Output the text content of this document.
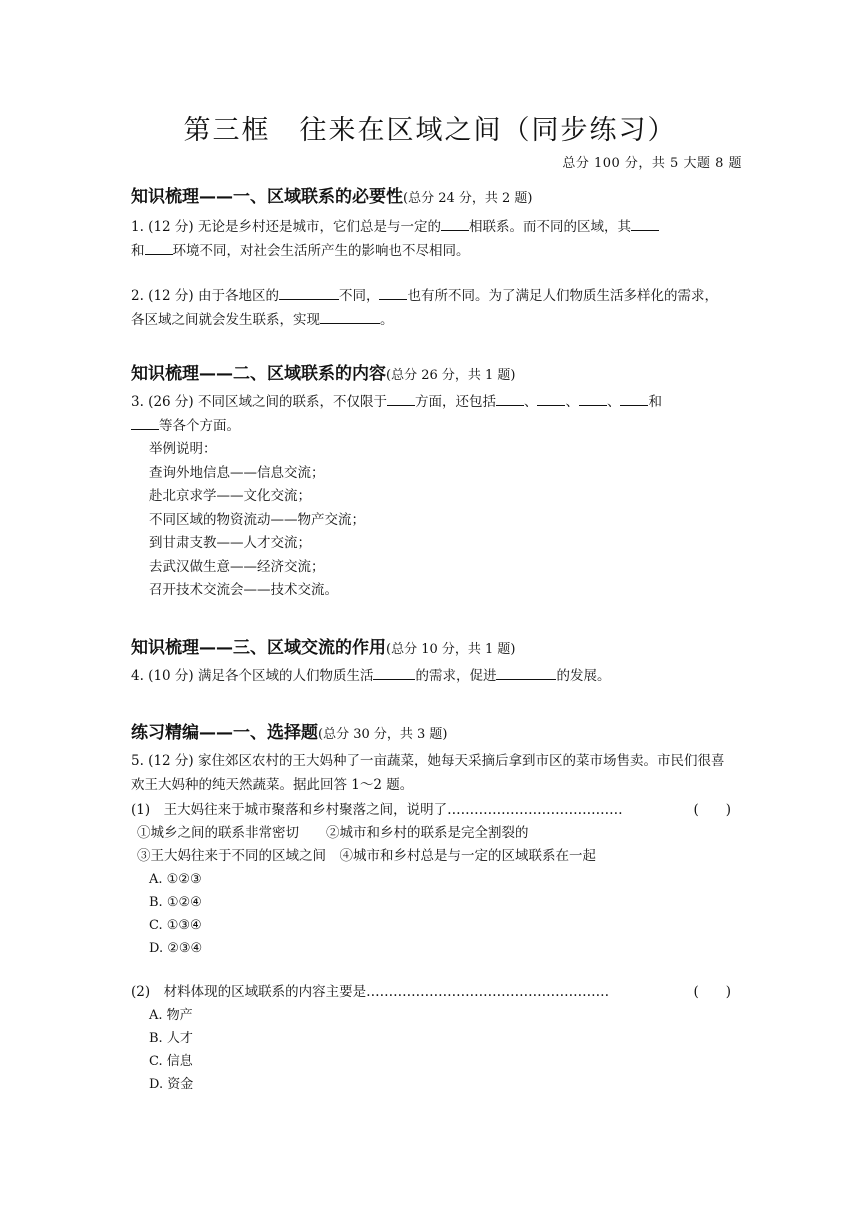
第三框　往来在区域之间（同步练习）
总分 100 分，共 5 大题 8 题

知识梳理——一、区域联系的必要性(总分 24 分，共 2 题)

1. (12 分) 无论是乡村还是城市，它们总是与一定的 相联系。而不同的区域，其
和 环境不同，对社会生活所产生的影响也不尽相同。

2. (12 分) 由于各地区的	不同， 也有所不同。为了满足人们物质生活多样化的需求，各区域之间就会发生联系，实现	。

知识梳理——二、区域联系的内容(总分 26 分，共 1 题)

3. (26 分) 不同区域之间的联系，不仅限于 方面，还包括 、 、 、 和
等各个方面。

举例说明：

查询外地信息——信息交流；

赴北京求学——文化交流；

不同区域的物资流动——物产交流；

到甘肃支教——人才交流；

去武汉做生意——经济交流；

召开技术交流会——技术交流。

知识梳理——三、区域交流的作用(总分 10 分，共 1 题)

4. (10 分) 满足各个区域的人们物质生活	的需求，促进	的发展。

练习精编——一、选择题(总分 30 分，共 3 题)

5. (12 分) 家住郊区农村的王大妈种了一亩蔬菜，她每天采摘后拿到市区的菜市场售卖。市民们很喜欢王大妈种的纯天然蔬菜。据此回答 1～2 题。

(1)　王大妈往来于城市聚落和乡村聚落之间，说明了…………………………………	(　　)

①城乡之间的联系非常密切　　②城市和乡村的联系是完全割裂的

③王大妈往来于不同的区域之间　④城市和乡村总是与一定的区域联系在一起

A. ①②③

B. ①②④

C. ①③④

D. ②③④

(2)　材料体现的区域联系的内容主要是………………………………………………	(　　)

A. 物产

B. 人才

C. 信息

D. 资金
